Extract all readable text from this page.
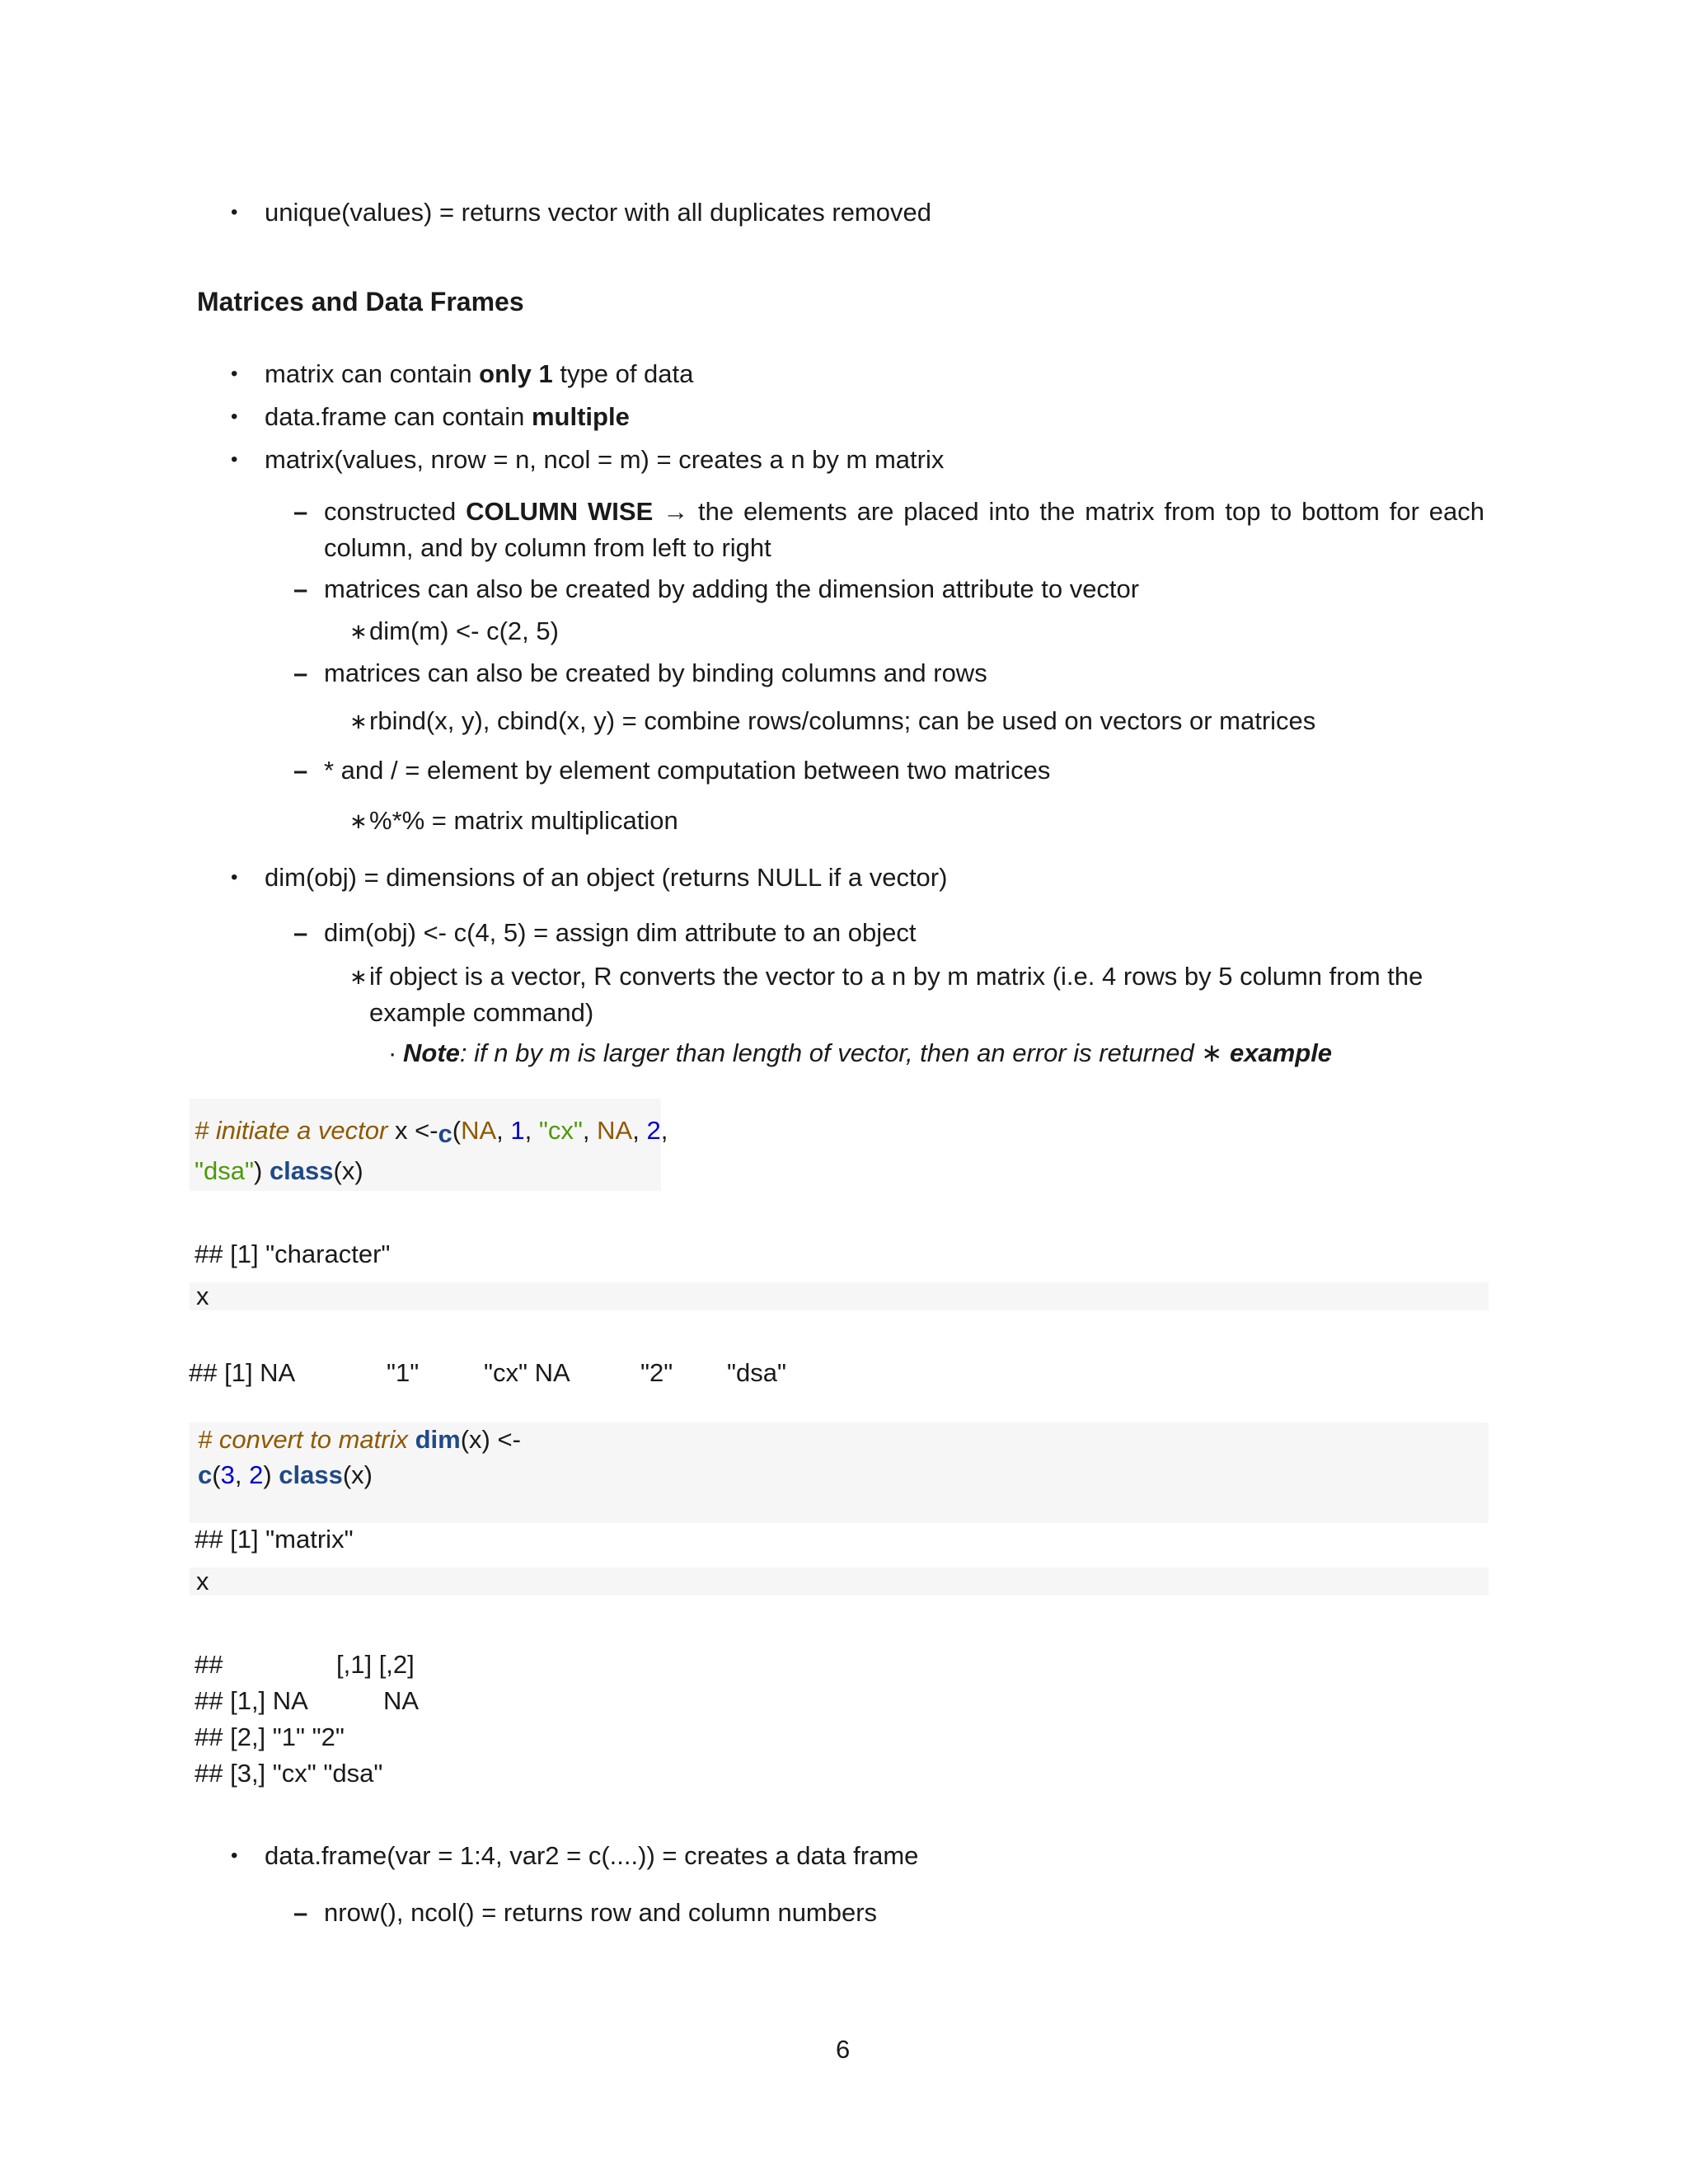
• unique(values) = returns vector with all duplicates removed
Matrices and Data Frames
• matrix can contain only 1 type of data
• data.frame can contain multiple
• matrix(values, nrow = n, ncol = m) = creates a n by m matrix
– constructed COLUMN WISE → the elements are placed into the matrix from top to bottom for each column, and by column from left to right
– matrices can also be created by adding the dimension attribute to vector
∗ dim(m) <- c(2, 5)
– matrices can also be created by binding columns and rows
∗ rbind(x, y), cbind(x, y) = combine rows/columns; can be used on vectors or matrices
– * and / = element by element computation between two matrices
∗ %*% = matrix multiplication
• dim(obj) = dimensions of an object (returns NULL if a vector)
– dim(obj) <- c(4, 5) = assign dim attribute to an object
∗ if object is a vector, R converts the vector to a n by m matrix (i.e. 4 rows by 5 column from the example command)
· Note: if n by m is larger than length of vector, then an error is returned ∗ example
# initiate a vector x <-c(NA, 1, "cx", NA, 2,
"dsa") class(x)
## [1] "character"
x
## [1] NA	"1"	"cx" NA	"2" "dsa"
# convert to matrix dim(x) <-
c(3, 2) class(x)
## [1] "matrix"
x
##	[,1] [,2]
## [1,] NA	NA
## [2,] "1" "2"
## [3,] "cx" "dsa"
• data.frame(var = 1:4, var2 = c(....)) = creates a data frame
– nrow(), ncol() = returns row and column numbers
6
